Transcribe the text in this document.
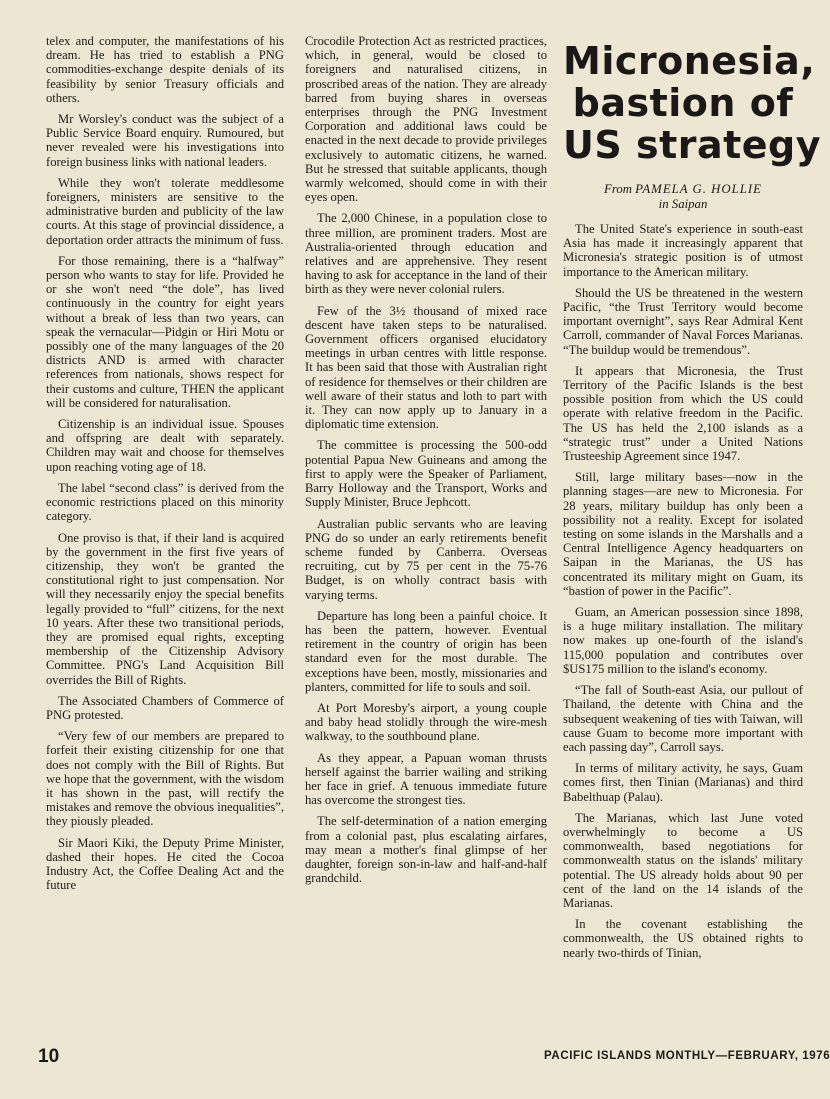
telex and computer, the manifestations of his dream. He has tried to establish a PNG commodities-exchange despite denials of its feasibility by senior Treasury officials and others.

Mr Worsley's conduct was the subject of a Public Service Board enquiry. Rumoured, but never revealed were his investigations into foreign business links with national leaders.

While they won't tolerate meddlesome foreigners, ministers are sensitive to the administrative burden and publicity of the law courts. At this stage of provincial dissidence, a deportation order attracts the minimum of fuss.

For those remaining, there is a “halfway” person who wants to stay for life. Provided he or she won't need “the dole”, has lived continuously in the country for eight years without a break of less than two years, can speak the vernacular—Pidgin or Hiri Motu or possibly one of the many languages of the 20 districts AND is armed with character references from nationals, shows respect for their customs and culture, THEN the applicant will be considered for naturalisation.

Citizenship is an individual issue. Spouses and offspring are dealt with separately. Children may wait and choose for themselves upon reaching voting age of 18.

The label “second class” is derived from the economic restrictions placed on this minority category.

One proviso is that, if their land is acquired by the government in the first five years of citizenship, they won't be granted the constitutional right to just compensation. Nor will they necessarily enjoy the special benefits legally provided to “full” citizens, for the next 10 years. After these two transitional periods, they are promised equal rights, excepting membership of the Citizenship Advisory Committee. PNG's Land Acquisition Bill overrides the Bill of Rights.

The Associated Chambers of Commerce of PNG protested.

“Very few of our members are prepared to forfeit their existing citizenship for one that does not comply with the Bill of Rights. But we hope that the government, with the wisdom it has shown in the past, will rectify the mistakes and remove the obvious inequalities”, they piously pleaded.

Sir Maori Kiki, the Deputy Prime Minister, dashed their hopes. He cited the Cocoa Industry Act, the Coffee Dealing Act and the future

Crocodile Protection Act as restricted practices, which, in general, would be closed to foreigners and naturalised citizens, in proscribed areas of the nation. They are already barred from buying shares in overseas enterprises through the PNG Investment Corporation and additional laws could be enacted in the next decade to provide privileges exclusively to automatic citizens, he warned. But he stressed that suitable applicants, though warmly welcomed, should come in with their eyes open.

The 2,000 Chinese, in a population close to three million, are prominent traders. Most are Australia-oriented through education and relatives and are apprehensive. They resent having to ask for acceptance in the land of their birth as they were never colonial rulers.

Few of the 3½ thousand of mixed race descent have taken steps to be naturalised. Government officers organised elucidatory meetings in urban centres with little response. It has been said that those with Australian right of residence for themselves or their children are well aware of their status and loth to part with it. They can now apply up to January in a diplomatic time extension.

The committee is processing the 500-odd potential Papua New Guineans and among the first to apply were the Speaker of Parliament, Barry Holloway and the Transport, Works and Supply Minister, Bruce Jephcott.

Australian public servants who are leaving PNG do so under an early retirements benefit scheme funded by Canberra. Overseas recruiting, cut by 75 per cent in the 75-76 Budget, is on wholly contract basis with varying terms.

Departure has long been a painful choice. It has been the pattern, however. Eventual retirement in the country of origin has been standard even for the most durable. The exceptions have been, mostly, missionaries and planters, committed for life to souls and soil.

At Port Moresby's airport, a young couple and baby head stolidly through the wire-mesh walkway, to the southbound plane.

As they appear, a Papuan woman thrusts herself against the barrier wailing and striking her face in grief. A tenuous immediate future has overcome the strongest ties.

The self-determination of a nation emerging from a colonial past, plus escalating airfares, may mean a mother's final glimpse of her daughter, foreign son-in-law and half-and-half grandchild.

Micronesia,
bastion of
US strategy
From PAMELA G. HOLLIE
in Saipan

The United State's experience in south-east Asia has made it increasingly apparent that Micronesia's strategic position is of utmost importance to the American military.

Should the US be threatened in the western Pacific, “the Trust Territory would become important overnight”, says Rear Admiral Kent Carroll, commander of Naval Forces Marianas. “The buildup would be tremendous”.

It appears that Micronesia, the Trust Territory of the Pacific Islands is the best possible position from which the US could operate with relative freedom in the Pacific. The US has held the 2,100 islands as a “strategic trust” under a United Nations Trusteeship Agreement since 1947.

Still, large military bases—now in the planning stages—are new to Micronesia. For 28 years, military buildup has only been a possibility not a reality. Except for isolated testing on some islands in the Marshalls and a Central Intelligence Agency headquarters on Saipan in the Marianas, the US has concentrated its military might on Guam, its “bastion of power in the Pacific”.

Guam, an American possession since 1898, is a huge military installation. The military now makes up one-fourth of the island's 115,000 population and contributes over $US175 million to the island's economy.

“The fall of South-east Asia, our pullout of Thailand, the detente with China and the subsequent weakening of ties with Taiwan, will cause Guam to become more important with each passing day”, Carroll says.

In terms of military activity, he says, Guam comes first, then Tinian (Marianas) and third Babelthuap (Palau).

The Marianas, which last June voted overwhelmingly to become a US commonwealth, based negotiations for commonwealth status on the islands' military potential. The US already holds about 90 per cent of the land on the 14 islands of the Marianas.

In the covenant establishing the commonwealth, the US obtained rights to nearly two-thirds of Tinian,

10	PACIFIC ISLANDS MONTHLY—FEBRUARY, 1976
